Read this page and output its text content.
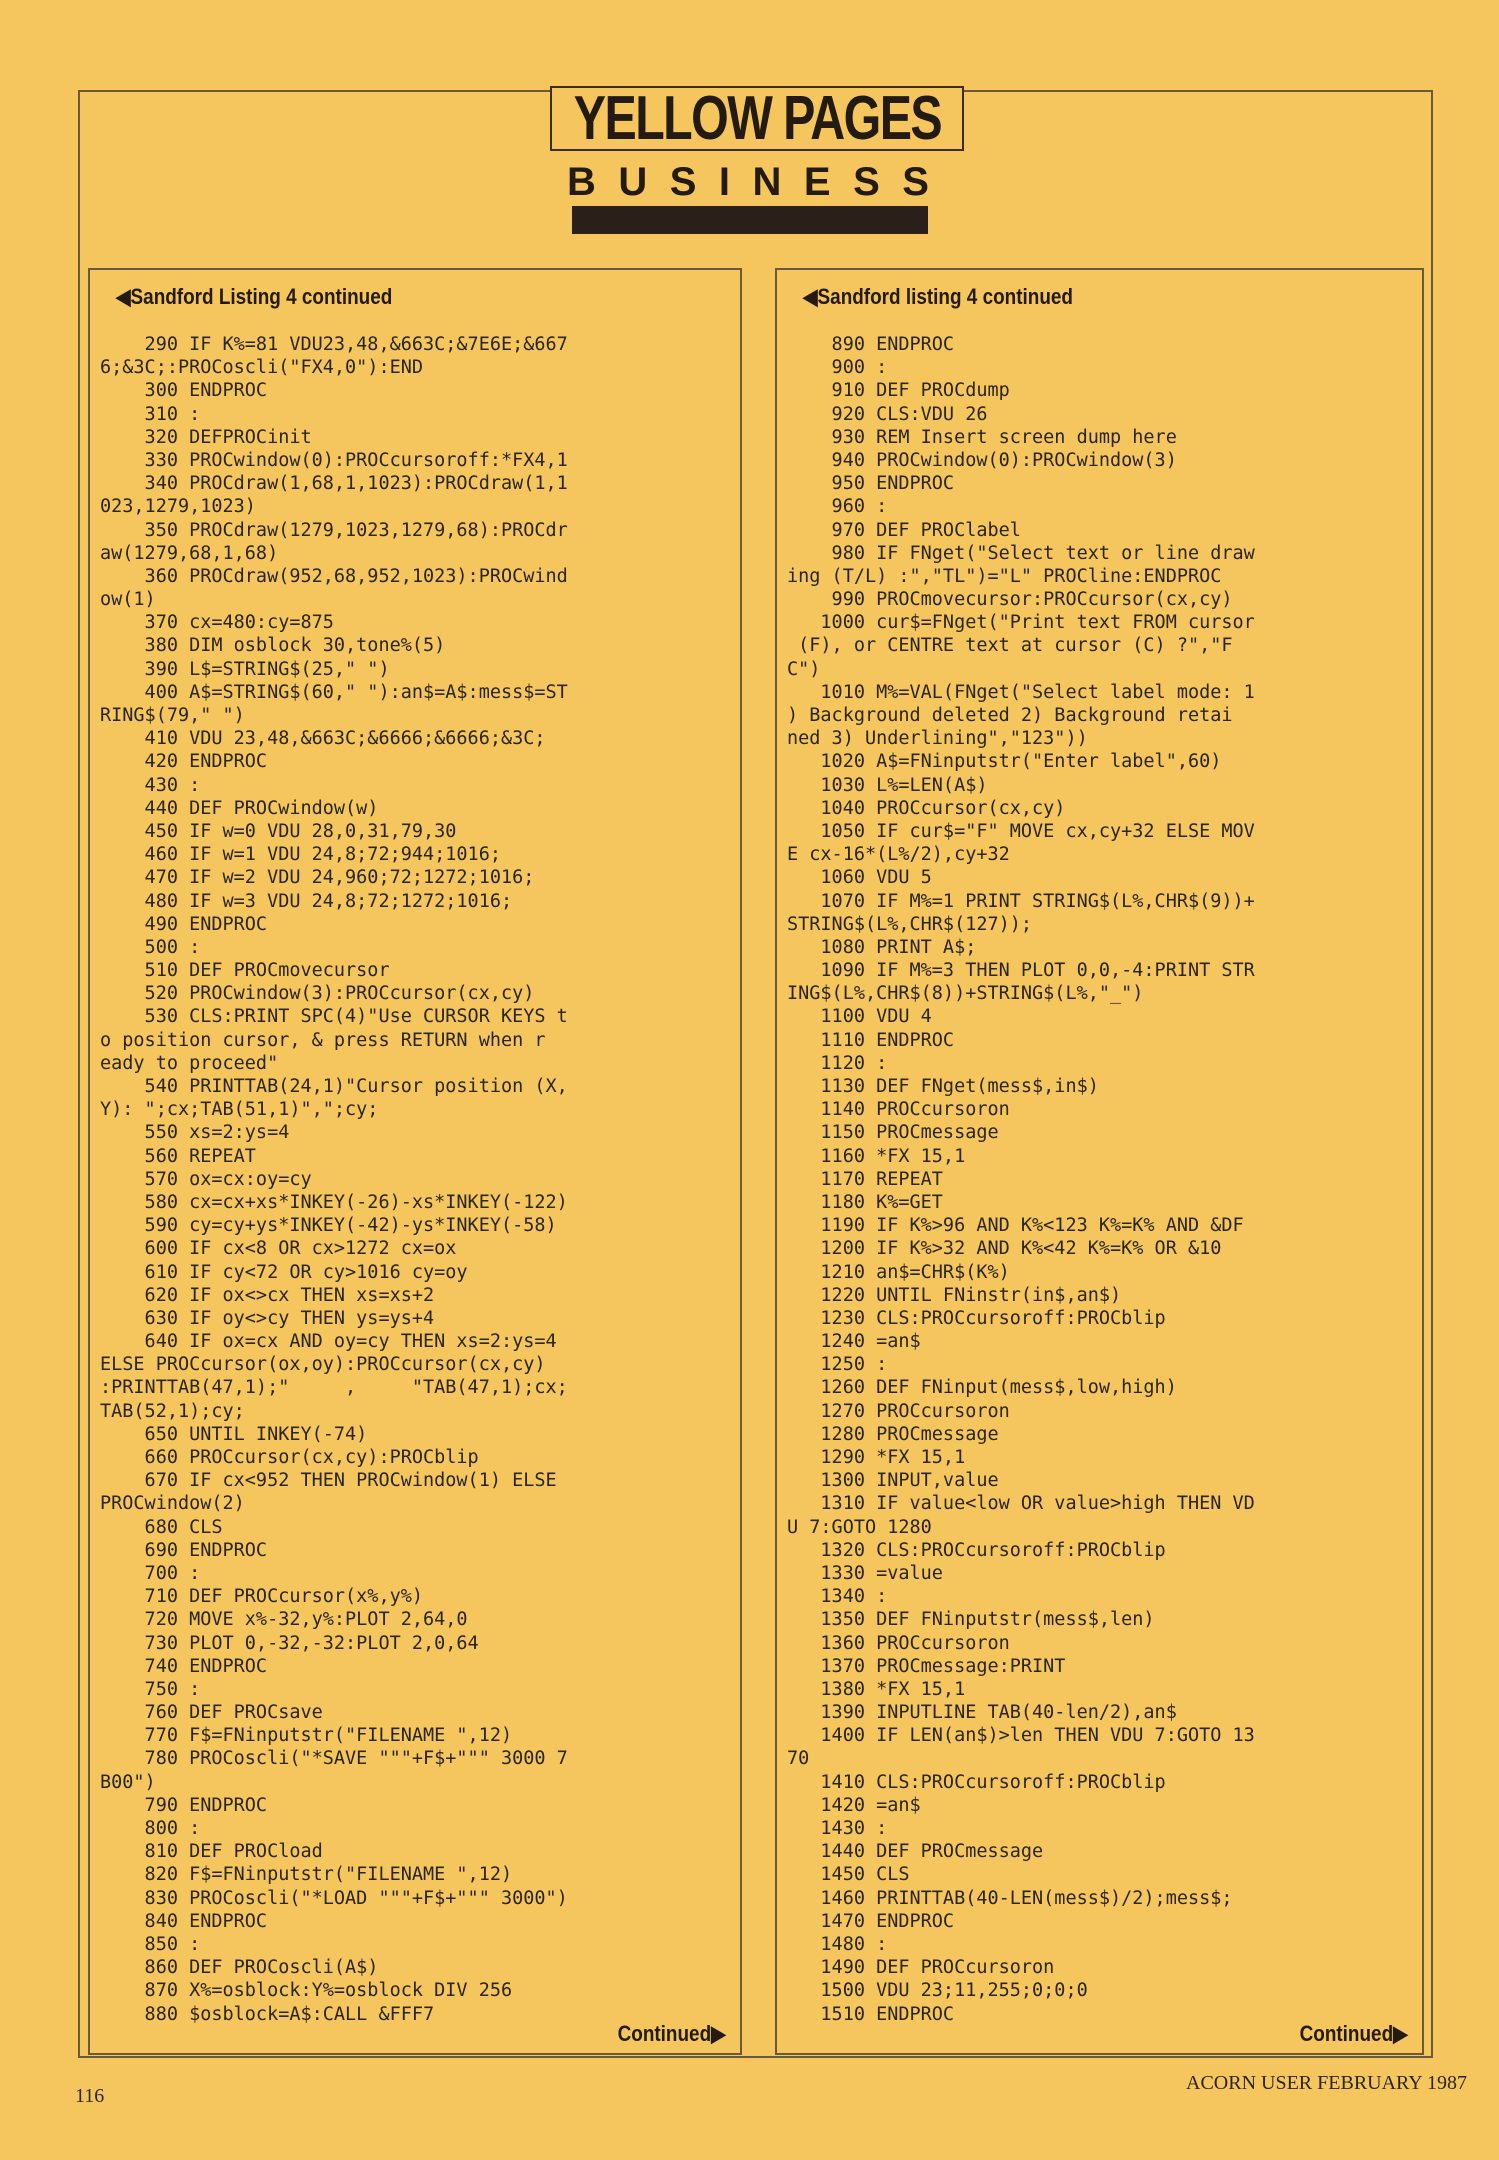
YELLOW PAGES
B U S I N E S S
◀Sandford Listing 4 continued
290 IF K%=81 VDU23,48,&663C;&7E6E;&667
6;&3C;:PROCoscli("FX4,0"):END
300 ENDPROC
310 :
320 DEFPROCinit
330 PROCwindow(0):PROCcursoroff:*FX4,1
340 PROCdraw(1,68,1,1023):PROCdraw(1,1
023,1279,1023)
350 PROCdraw(1279,1023,1279,68):PROCdr
aw(1279,68,1,68)
360 PROCdraw(952,68,952,1023):PROCwind
ow(1)
370 cx=480:cy=875
380 DIM osblock 30,tone%(5)
390 L$=STRING$(25," ")
400 A$=STRING$(60," "):an$=A$:mess$=ST
RING$(79," ")
410 VDU 23,48,&663C;&6666;&6666;&3C;
420 ENDPROC
430 :
440 DEF PROCwindow(w)
450 IF w=0 VDU 28,0,31,79,30
460 IF w=1 VDU 24,8;72;944;1016;
470 IF w=2 VDU 24,960;72;1272;1016;
480 IF w=3 VDU 24,8;72;1272;1016;
490 ENDPROC
500 :
510 DEF PROCmovecursor
520 PROCwindow(3):PROCcursor(cx,cy)
530 CLS:PRINT SPC(4)"Use CURSOR KEYS t
o position cursor, & press RETURN when r
eady to proceed"
540 PRINTTAB(24,1)"Cursor position (X,
Y): ";cx;TAB(51,1)",";cy;
550 xs=2:ys=4
560 REPEAT
570 ox=cx:oy=cy
580 cx=cx+xs*INKEY(-26)-xs*INKEY(-122)
590 cy=cy+ys*INKEY(-42)-ys*INKEY(-58)
600 IF cx<8 OR cx>1272 cx=ox
610 IF cy<72 OR cy>1016 cy=oy
620 IF ox<>cx THEN xs=xs+2
630 IF oy<>cy THEN ys=ys+4
640 IF ox=cx AND oy=cy THEN xs=2:ys=4
ELSE PROCcursor(ox,oy):PROCcursor(cx,cy)
:PRINTTAB(47,1);"     ,     "TAB(47,1);cx;
TAB(52,1);cy;
650 UNTIL INKEY(-74)
660 PROCcursor(cx,cy):PROCblip
670 IF cx<952 THEN PROCwindow(1) ELSE
PROCwindow(2)
680 CLS
690 ENDPROC
700 :
710 DEF PROCcursor(x%,y%)
720 MOVE x%-32,y%:PLOT 2,64,0
730 PLOT 0,-32,-32:PLOT 2,0,64
740 ENDPROC
750 :
760 DEF PROCsave
770 F$=FNinputstr("FILENAME ",12)
780 PROCoscli("*SAVE """+F$+""" 3000 7
B00")
790 ENDPROC
800 :
810 DEF PROCload
820 F$=FNinputstr("FILENAME ",12)
830 PROCoscli("*LOAD """+F$+""" 3000")
840 ENDPROC
850 :
860 DEF PROCoscli(A$)
870 X%=osblock:Y%=osblock DIV 256
880 $osblock=A$:CALL &FFF7
Continued▶
◀Sandford listing 4 continued
890 ENDPROC
900 :
910 DEF PROCdump
920 CLS:VDU 26
930 REM Insert screen dump here
940 PROCwindow(0):PROCwindow(3)
950 ENDPROC
960 :
970 DEF PROClabel
980 IF FNget("Select text or line draw
ing (T/L) :","TL")="L" PROCline:ENDPROC
990 PROCmovecursor:PROCcursor(cx,cy)
1000 cur$=FNget("Print text FROM cursor
(F), or CENTRE text at cursor (C) ?","F
C")
1010 M%=VAL(FNget("Select label mode: 1
) Background deleted 2) Background retai
ned 3) Underlining","123"))
1020 A$=FNinputstr("Enter label",60)
1030 L%=LEN(A$)
1040 PROCcursor(cx,cy)
1050 IF cur$="F" MOVE cx,cy+32 ELSE MOV
E cx-16*(L%/2),cy+32
1060 VDU 5
1070 IF M%=1 PRINT STRING$(L%,CHR$(9))+
STRING$(L%,CHR$(127));
1080 PRINT A$;
1090 IF M%=3 THEN PLOT 0,0,-4:PRINT STR
ING$(L%,CHR$(8))+STRING$(L%,"_")
1100 VDU 4
1110 ENDPROC
1120 :
1130 DEF FNget(mess$,in$)
1140 PROCcursoron
1150 PROCmessage
1160 *FX 15,1
1170 REPEAT
1180 K%=GET
1190 IF K%>96 AND K%<123 K%=K% AND &DF
1200 IF K%>32 AND K%<42 K%=K% OR &10
1210 an$=CHR$(K%)
1220 UNTIL FNinstr(in$,an$)
1230 CLS:PROCcursoroff:PROCblip
1240 =an$
1250 :
1260 DEF FNinput(mess$,low,high)
1270 PROCcursoron
1280 PROCmessage
1290 *FX 15,1
1300 INPUT,value
1310 IF value<low OR value>high THEN VD
U 7:GOTO 1280
1320 CLS:PROCcursoroff:PROCblip
1330 =value
1340 :
1350 DEF FNinputstr(mess$,len)
1360 PROCcursoron
1370 PROCmessage:PRINT
1380 *FX 15,1
1390 INPUTLINE TAB(40-len/2),an$
1400 IF LEN(an$)>len THEN VDU 7:GOTO 13
70
1410 CLS:PROCcursoroff:PROCblip
1420 =an$
1430 :
1440 DEF PROCmessage
1450 CLS
1460 PRINTTAB(40-LEN(mess$)/2);mess$;
1470 ENDPROC
1480 :
1490 DEF PROCcursoron
1500 VDU 23;11,255;0;0;0
1510 ENDPROC
Continued▶
116
ACORN USER FEBRUARY 1987
